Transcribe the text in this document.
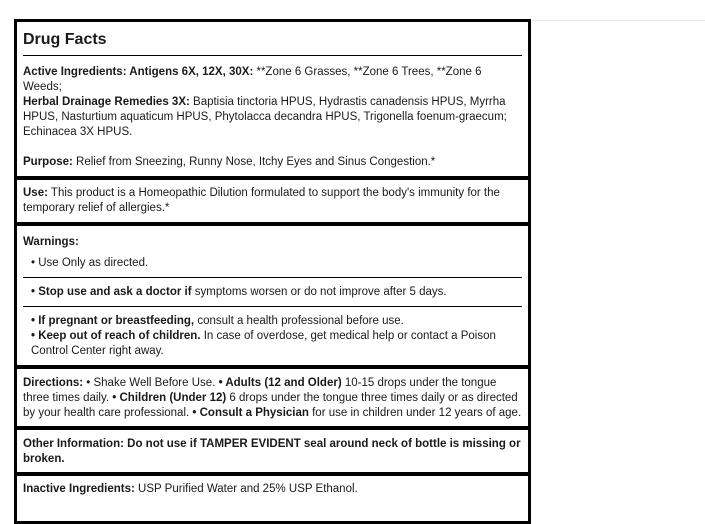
Drug Facts

Active Ingredients: Antigens 6X, 12X, 30X: **Zone 6 Grasses, **Zone 6 Trees, **Zone 6 Weeds;
Herbal Drainage Remedies 3X: Baptisia tinctoria HPUS, Hydrastis canadensis HPUS, Myrrha HPUS, Nasturtium aquaticum HPUS, Phytolacca decandra HPUS, Trigonella foenum-graecum; Echinacea 3X HPUS.

Purpose: Relief from Sneezing, Runny Nose, Itchy Eyes and Sinus Congestion.*

Use: This product is a Homeopathic Dilution formulated to support the body's immunity for the temporary relief of allergies.*

Warnings:

• Use Only as directed.

• Stop use and ask a doctor if symptoms worsen or do not improve after 5 days.

• If pregnant or breastfeeding, consult a health professional before use.

• Keep out of reach of children. In case of overdose, get medical help or contact a Poison Control Center right away.

Directions: • Shake Well Before Use. • Adults (12 and Older) 10-15 drops under the tongue three times daily. • Children (Under 12) 6 drops under the tongue three times daily or as directed by your health care professional. • Consult a Physician for use in children under 12 years of age.

Other Information: Do not use if TAMPER EVIDENT seal around neck of bottle is missing or broken.

Inactive Ingredients: USP Purified Water and 25% USP Ethanol.
